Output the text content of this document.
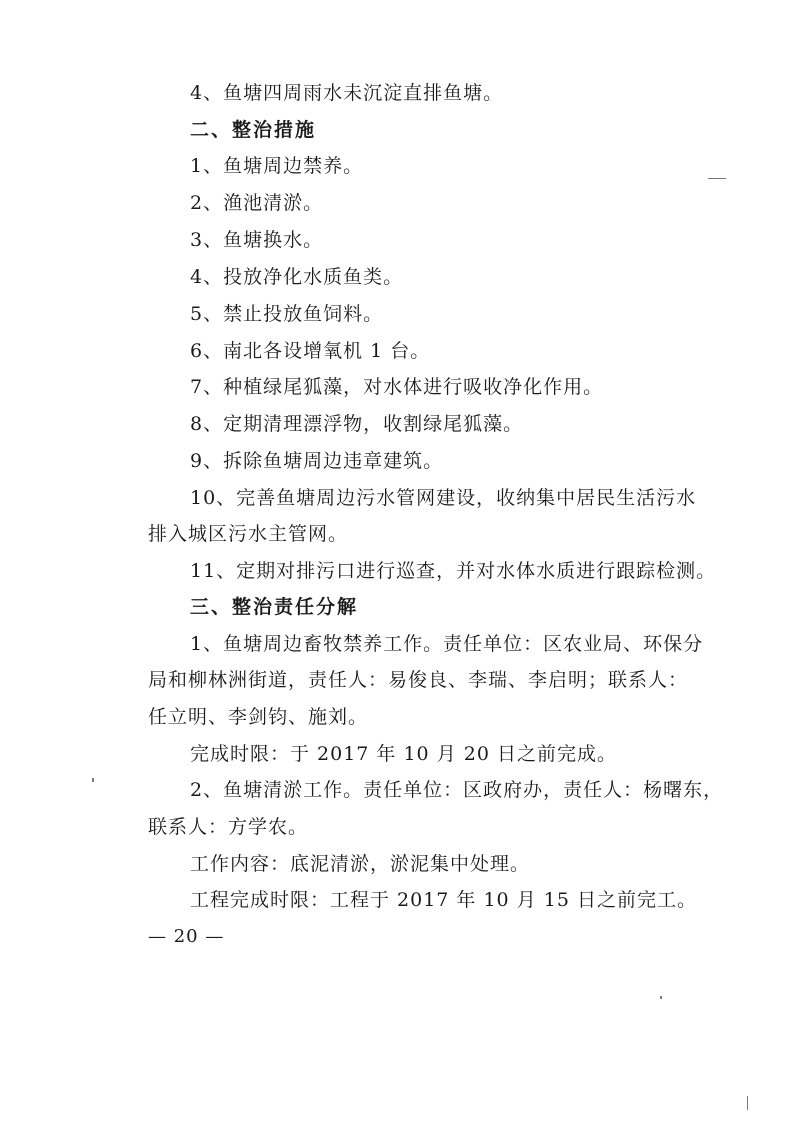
4、鱼塘四周雨水未沉淀直排鱼塘。
二、整治措施
1、鱼塘周边禁养。
2、渔池清淤。
3、鱼塘换水。
4、投放净化水质鱼类。
5、禁止投放鱼饲料。
6、南北各设增氧机 1 台。
7、种植绿尾狐藻，对水体进行吸收净化作用。
8、定期清理漂浮物，收割绿尾狐藻。
9、拆除鱼塘周边违章建筑。
10、完善鱼塘周边污水管网建设，收纳集中居民生活污水
排入城区污水主管网。
11、定期对排污口进行巡查，并对水体水质进行跟踪检测。
三、整治责任分解
1、鱼塘周边畜牧禁养工作。责任单位：区农业局、环保分
局和柳林洲街道，责任人：易俊良、李瑞、李启明；联系人：
任立明、李剑钧、施刘。
完成时限：于 2017 年 10 月 20 日之前完成。
2、鱼塘清淤工作。责任单位：区政府办，责任人：杨曙东，
联系人：方学农。
工作内容：底泥清淤，淤泥集中处理。
工程完成时限：工程于 2017 年 10 月 15 日之前完工。
— 20 —
